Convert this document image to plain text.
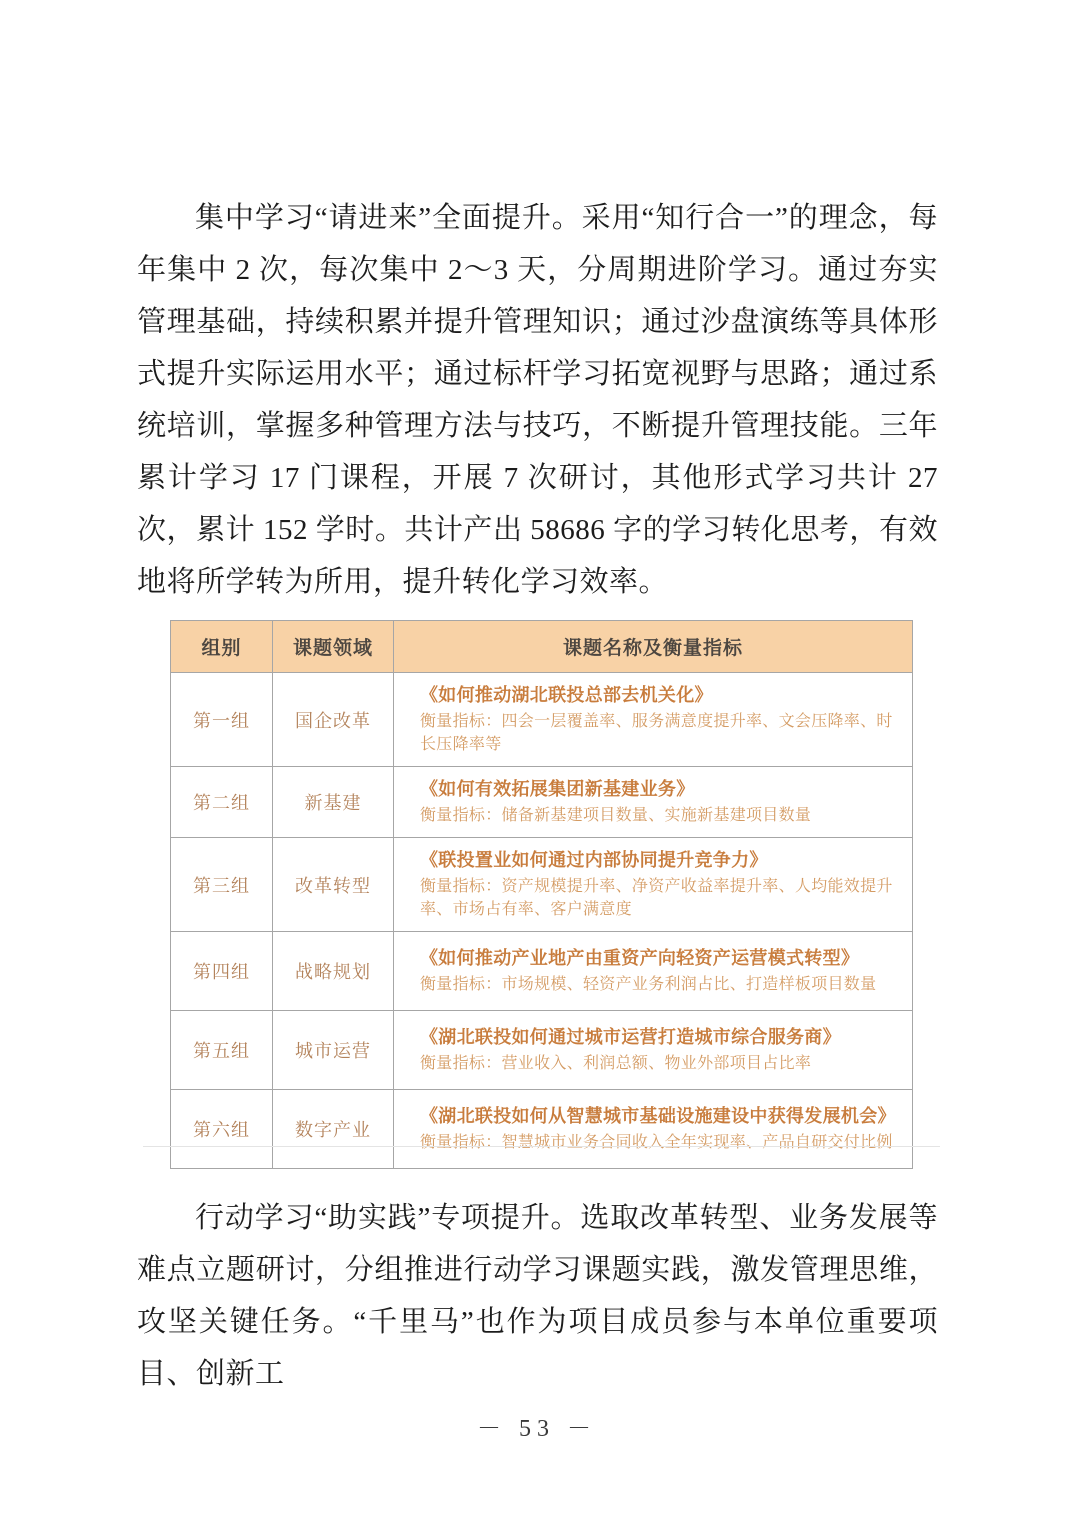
集中学习“请进来”全面提升。采用“知行合一”的理念，每年集中 2 次，每次集中 2～3 天，分周期进阶学习。通过夯实管理基础，持续积累并提升管理知识；通过沙盘演练等具体形式提升实际运用水平；通过标杆学习拓宽视野与思路；通过系统培训，掌握多种管理方法与技巧，不断提升管理技能。三年累计学习 17 门课程，开展 7 次研讨，其他形式学习共计 27 次，累计 152 学时。共计产出 58686 字的学习转化思考，有效地将所学转为所用，提升转化学习效率。
组别	课题领域	课题名称及衡量指标
第一组	国企改革	《如何推动湖北联投总部去机关化》
衡量指标：四会一层覆盖率、服务满意度提升率、文会压降率、时长压降率等

第二组	新基建	《如何有效拓展集团新基建业务》
衡量指标：储备新基建项目数量、实施新基建项目数量

第三组	改革转型	《联投置业如何通过内部协同提升竞争力》
衡量指标：资产规模提升率、净资产收益率提升率、人均能效提升率、市场占有率、客户满意度

第四组	战略规划	《如何推动产业地产由重资产向轻资产运营模式转型》
衡量指标：市场规模、轻资产业务利润占比、打造样板项目数量

第五组	城市运营	《湖北联投如何通过城市运营打造城市综合服务商》
衡量指标：营业收入、利润总额、物业外部项目占比率

第六组	数字产业	《湖北联投如何从智慧城市基础设施建设中获得发展机会》
衡量指标：智慧城市业务合同收入全年实现率、产品自研交付比例
行动学习“助实践”专项提升。选取改革转型、业务发展等难点立题研讨，分组推进行动学习课题实践，激发管理思维，攻坚关键任务。“千里马”也作为项目成员参与本单位重要项目、创新工
－ 53 －
